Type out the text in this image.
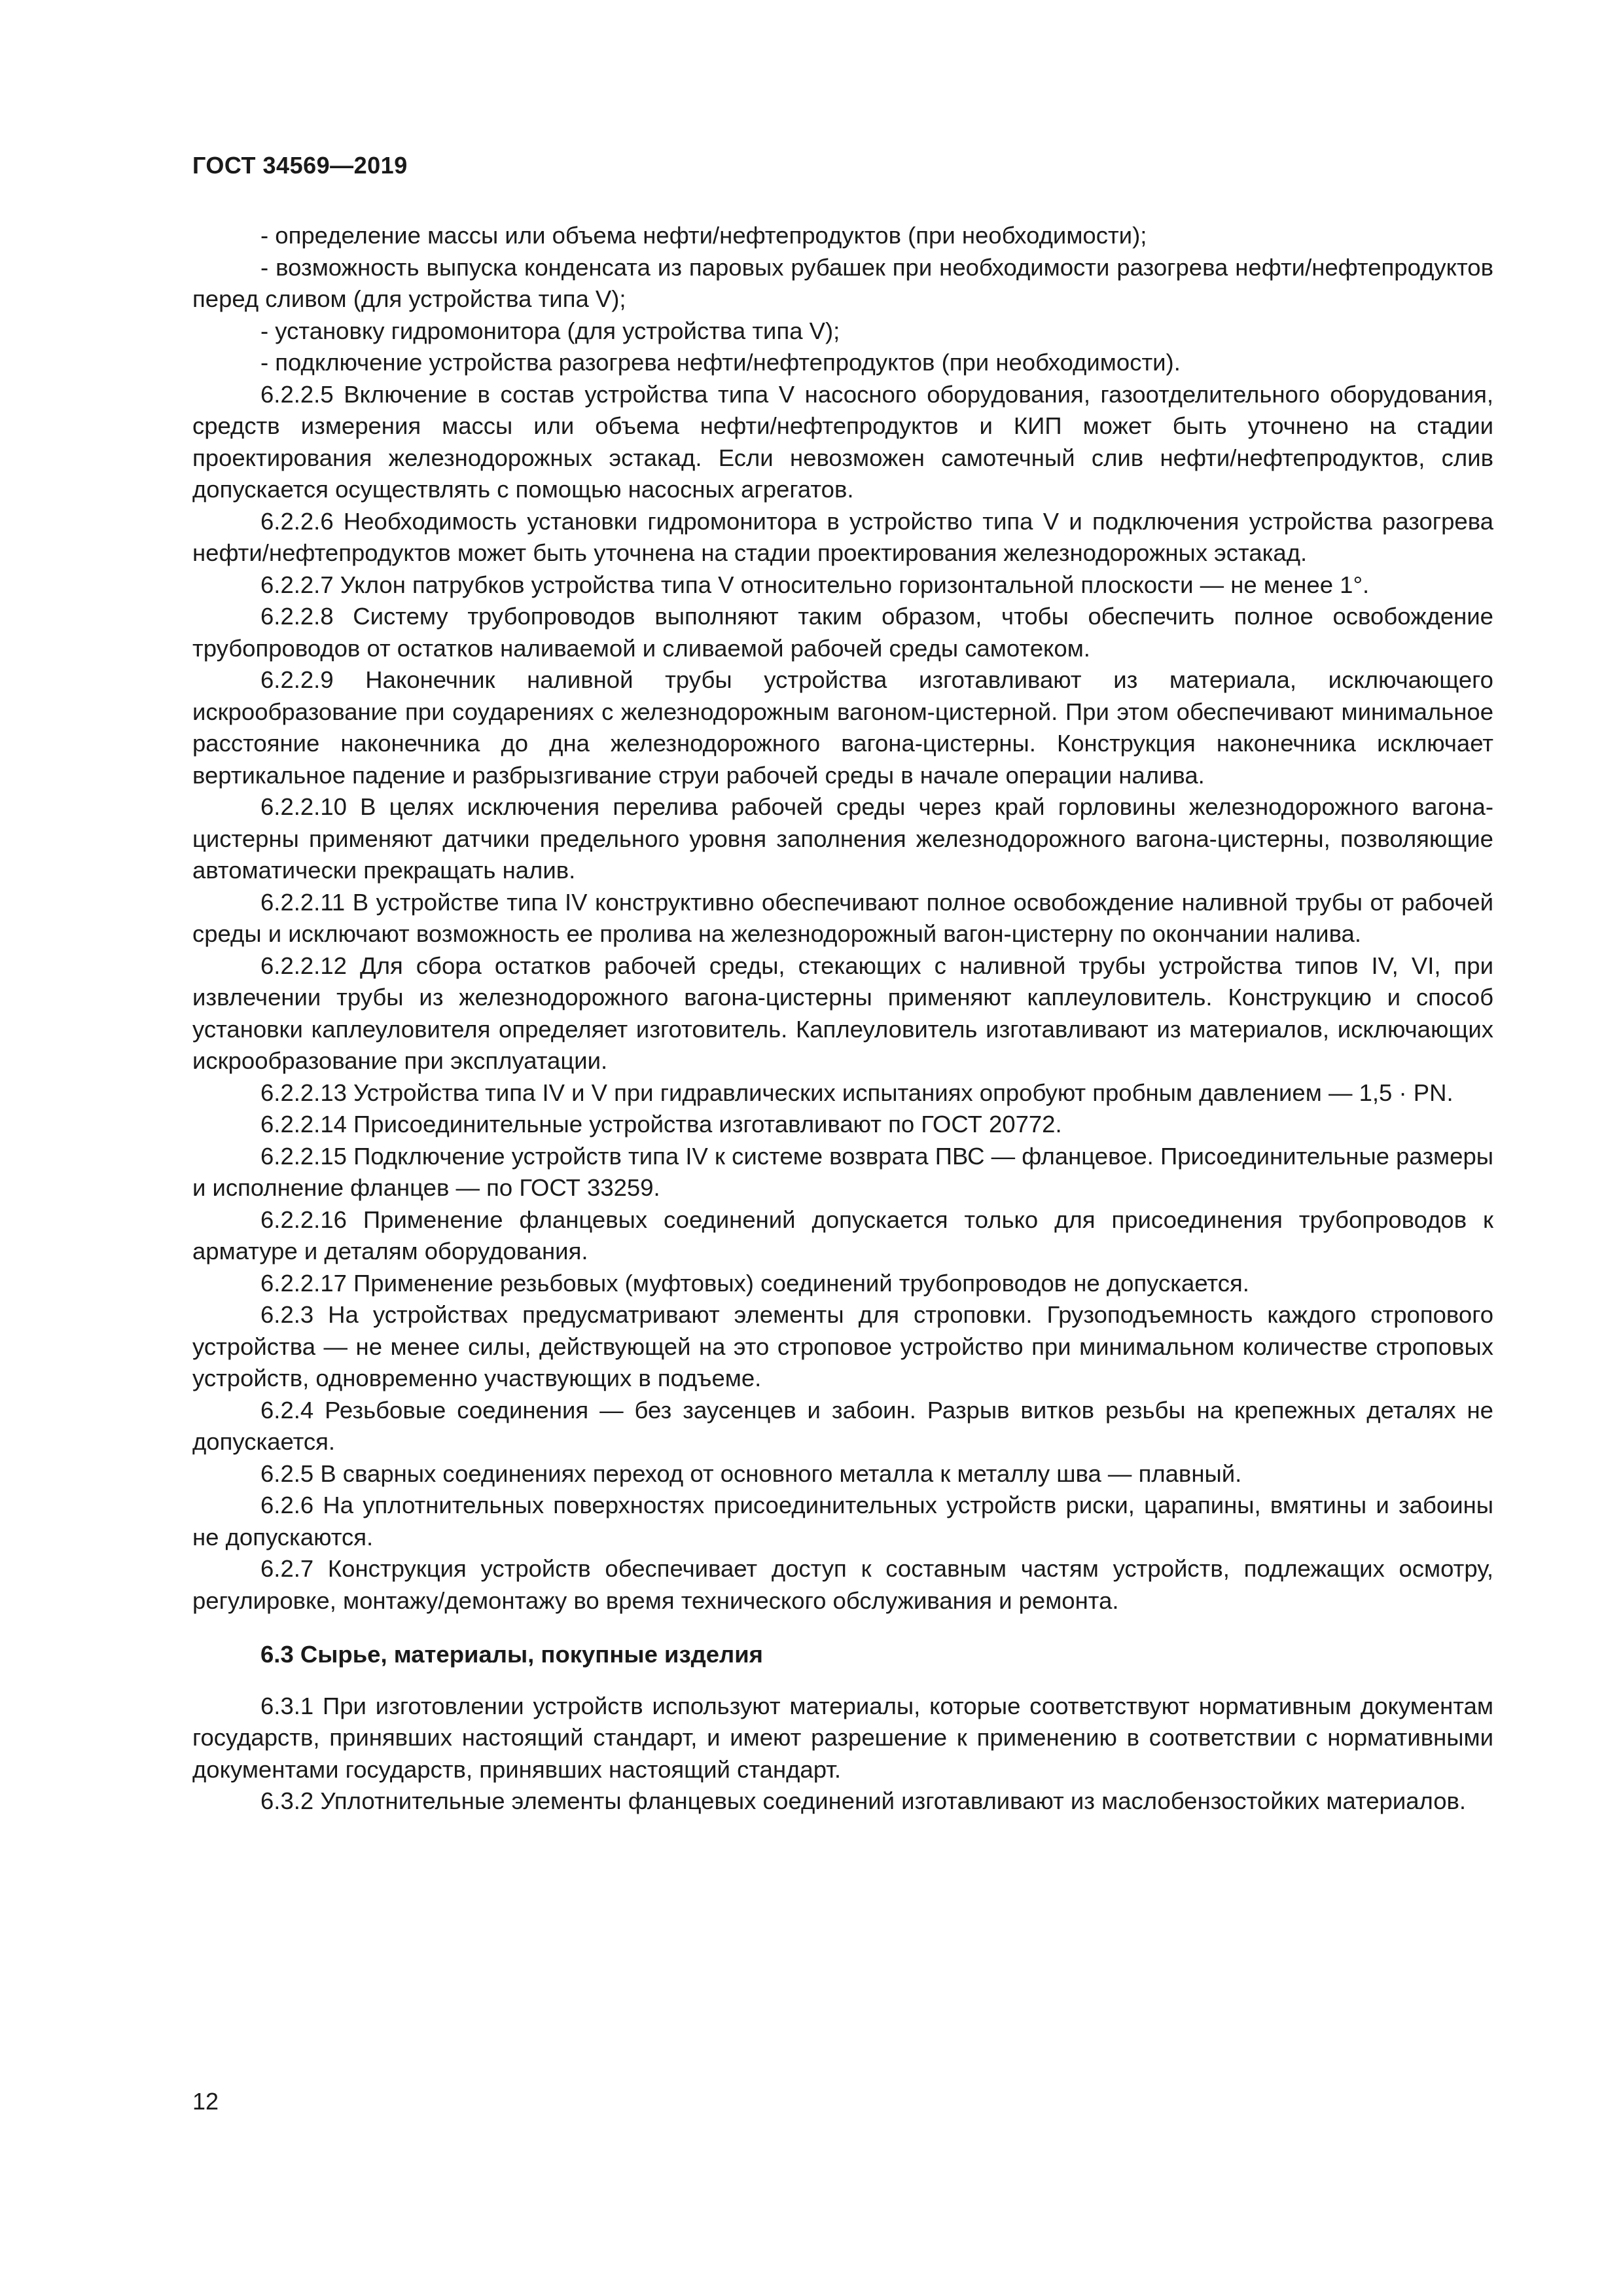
ГОСТ 34569—2019

- определение массы или объема нефти/нефтепродуктов (при необходимости);

- возможность выпуска конденсата из паровых рубашек при необходимости разогрева нефти/нефтепродуктов перед сливом (для устройства типа V);

- установку гидромонитора (для устройства типа V);

- подключение устройства разогрева нефти/нефтепродуктов (при необходимости).

6.2.2.5 Включение в состав устройства типа V насосного оборудования, газоотделительного оборудования, средств измерения массы или объема нефти/нефтепродуктов и КИП может быть уточнено на стадии проектирования железнодорожных эстакад. Если невозможен самотечный слив нефти/нефтепродуктов, слив допускается осуществлять с помощью насосных агрегатов.

6.2.2.6 Необходимость установки гидромонитора в устройство типа V и подключения устройства разогрева нефти/нефтепродуктов может быть уточнена на стадии проектирования железнодорожных эстакад.

6.2.2.7 Уклон патрубков устройства типа V относительно горизонтальной плоскости — не менее 1°.

6.2.2.8 Систему трубопроводов выполняют таким образом, чтобы обеспечить полное освобождение трубопроводов от остатков наливаемой и сливаемой рабочей среды самотеком.

6.2.2.9 Наконечник наливной трубы устройства изготавливают из материала, исключающего искрообразование при соударениях с железнодорожным вагоном-цистерной. При этом обеспечивают минимальное расстояние наконечника до дна железнодорожного вагона-цистерны. Конструкция наконечника исключает вертикальное падение и разбрызгивание струи рабочей среды в начале операции налива.

6.2.2.10 В целях исключения перелива рабочей среды через край горловины железнодорожного вагона-цистерны применяют датчики предельного уровня заполнения железнодорожного вагона-цистерны, позволяющие автоматически прекращать налив.

6.2.2.11 В устройстве типа IV конструктивно обеспечивают полное освобождение наливной трубы от рабочей среды и исключают возможность ее пролива на железнодорожный вагон-цистерну по окончании налива.

6.2.2.12 Для сбора остатков рабочей среды, стекающих с наливной трубы устройства типов IV, VI, при извлечении трубы из железнодорожного вагона-цистерны применяют каплеуловитель. Конструкцию и способ установки каплеуловителя определяет изготовитель. Каплеуловитель изготавливают из материалов, исключающих искрообразование при эксплуатации.

6.2.2.13 Устройства типа IV и V при гидравлических испытаниях опробуют пробным давлением — 1,5 · PN.

6.2.2.14 Присоединительные устройства изготавливают по ГОСТ 20772.

6.2.2.15 Подключение устройств типа IV к системе возврата ПВС — фланцевое. Присоединительные размеры и исполнение фланцев — по ГОСТ 33259.

6.2.2.16 Применение фланцевых соединений допускается только для присоединения трубопроводов к арматуре и деталям оборудования.

6.2.2.17 Применение резьбовых (муфтовых) соединений трубопроводов не допускается.

6.2.3 На устройствах предусматривают элементы для строповки. Грузоподъемность каждого стропового устройства — не менее силы, действующей на это строповое устройство при минимальном количестве строповых устройств, одновременно участвующих в подъеме.

6.2.4 Резьбовые соединения — без заусенцев и забоин. Разрыв витков резьбы на крепежных деталях не допускается.

6.2.5 В сварных соединениях переход от основного металла к металлу шва — плавный.

6.2.6 На уплотнительных поверхностях присоединительных устройств риски, царапины, вмятины и забоины не допускаются.

6.2.7 Конструкция устройств обеспечивает доступ к составным частям устройств, подлежащих осмотру, регулировке, монтажу/демонтажу во время технического обслуживания и ремонта.

6.3 Сырье, материалы, покупные изделия

6.3.1 При изготовлении устройств используют материалы, которые соответствуют нормативным документам государств, принявших настоящий стандарт, и имеют разрешение к применению в соответствии с нормативными документами государств, принявших настоящий стандарт.

6.3.2 Уплотнительные элементы фланцевых соединений изготавливают из маслобензостойких материалов.

12
